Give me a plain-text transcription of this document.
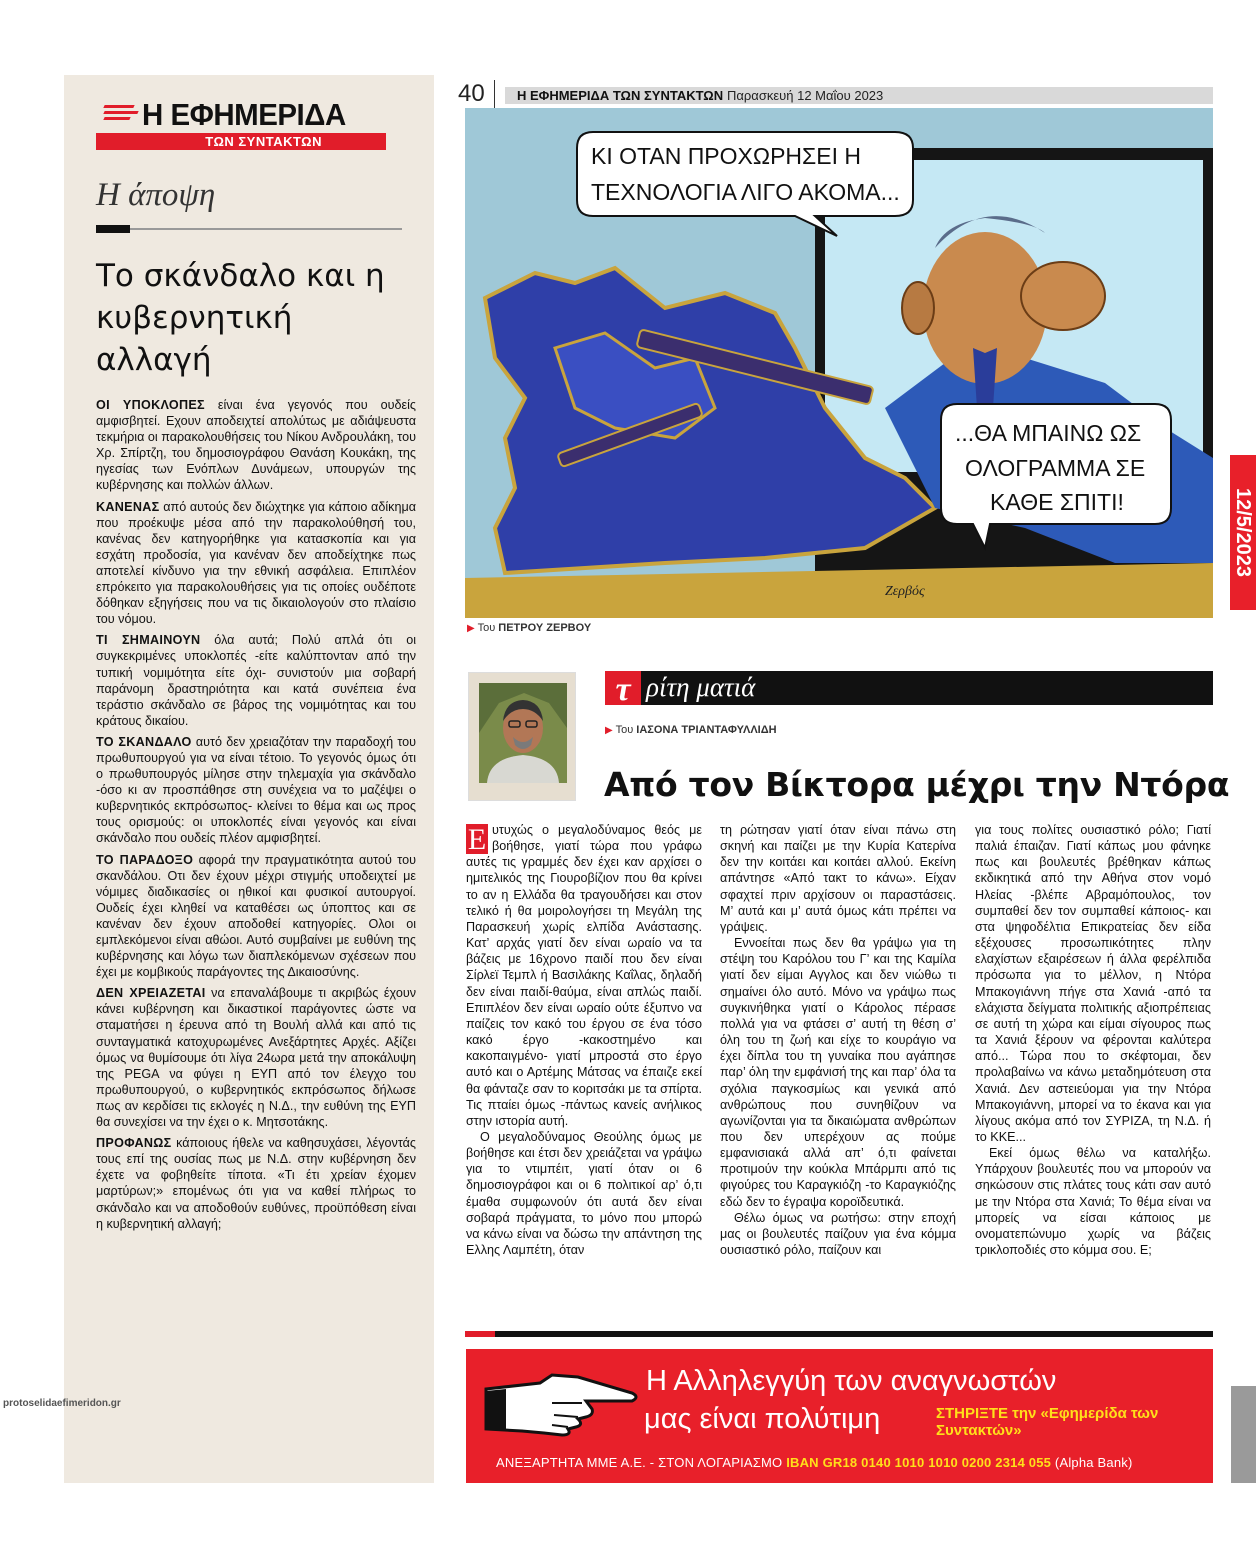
Η ΕΦΗΜΕΡΙΔΑ
ΤΩΝ ΣΥΝΤΑΚΤΩΝ
Η άποψη
Το σκάνδαλο και η κυβερνητική αλλαγή

ΟΙ ΥΠΟΚΛΟΠΕΣ είναι ένα γεγονός που ουδείς αμφισβητεί. Εχουν αποδειχτεί απολύτως με αδιάψευστα τεκμήρια οι παρακολουθήσεις του Νίκου Ανδρουλάκη, του Χρ. Σπίρτζη, του δημοσιογράφου Θανάση Κουκάκη, της ηγεσίας των Ενόπλων Δυνάμεων, υπουργών της κυβέρνησης και πολλών άλλων.

ΚΑΝΕΝΑΣ από αυτούς δεν διώχτηκε για κάποιο αδίκημα που προέκυψε μέσα από την παρακολούθησή του, κανένας δεν κατηγορήθηκε για κατασκοπία και για εσχάτη προδοσία, για κανέναν δεν αποδείχτηκε πως αποτελεί κίνδυνο για την εθνική ασφάλεια. Επιπλέον επρόκειτο για παρακολουθήσεις για τις οποίες ουδέποτε δόθηκαν εξηγήσεις που να τις δικαιολογούν στο πλαίσιο του νόμου.

ΤΙ ΣΗΜΑΙΝΟΥΝ όλα αυτά; Πολύ απλά ότι οι συγκεκριμένες υποκλοπές -είτε καλύπτονταν από την τυπική νομιμότητα είτε όχι- συνιστούν μια σοβαρή παράνομη δραστηριότητα και κατά συνέπεια ένα τεράστιο σκάνδαλο σε βάρος της νομιμότητας και του κράτους δικαίου.

ΤΟ ΣΚΑΝΔΑΛΟ αυτό δεν χρειαζόταν την παραδοχή του πρωθυπουργού για να είναι τέτοιο. Το γεγονός όμως ότι ο πρωθυπουργός μίλησε στην τηλεμαχία για σκάνδαλο -όσο κι αν προσπάθησε στη συνέχεια να το μαζέψει ο κυβερνητικός εκπρόσωπος- κλείνει το θέμα και ως προς τους ορισμούς: οι υποκλοπές είναι γεγονός και είναι σκάνδαλο που ουδείς πλέον αμφισβητεί.

ΤΟ ΠΑΡΑΔΟΞΟ αφορά την πραγματικότητα αυτού του σκανδάλου. Οτι δεν έχουν μέχρι στιγμής υποδειχτεί με νόμιμες διαδικασίες οι ηθικοί και φυσικοί αυτουργοί. Ουδείς έχει κληθεί να καταθέσει ως ύποπτος και σε κανέναν δεν έχουν αποδοθεί κατηγορίες. Ολοι οι εμπλεκόμενοι είναι αθώοι. Αυτό συμβαίνει με ευθύνη της κυβέρνησης και λόγω των διαπλεκόμενων σχέσεων που έχει με κομβικούς παράγοντες της Δικαιοσύνης.

ΔΕΝ ΧΡΕΙΑΖΕΤΑΙ να επαναλάβουμε τι ακριβώς έχουν κάνει κυβέρνηση και δικαστικοί παράγοντες ώστε να σταματήσει η έρευνα από τη Βουλή αλλά και από τις συνταγματικά κατοχυρωμένες Ανεξάρτητες Αρχές. Αξίζει όμως να θυμίσουμε ότι λίγα 24ωρα μετά την αποκάλυψη της PEGA να φύγει η ΕΥΠ από τον έλεγχο του πρωθυπουργού, ο κυβερνητικός εκπρόσωπος δήλωσε πως αν κερδίσει τις εκλογές η Ν.Δ., την ευθύνη της ΕΥΠ θα συνεχίσει να την έχει ο κ. Μητσοτάκης.

ΠΡΟΦΑΝΩΣ κάποιους ήθελε να καθησυχάσει, λέγοντάς τους επί της ουσίας πως με Ν.Δ. στην κυβέρνηση δεν έχετε να φοβηθείτε τίποτα. «Τι έτι χρείαν έχομεν μαρτύρων;» επομένως ότι για να καθεί πλήρως το σκάνδαλο και να αποδοθούν ευθύνες, προϋπόθεση είναι η κυβερνητική αλλαγή;

40 Η ΕΦΗΜΕΡΙΔΑ ΤΩΝ ΣΥΝΤΑΚΤΩΝ Παρασκευή 12 Μαΐου 2023
ΚΙ ΟΤΑΝ ΠΡΟΧΩΡΗΣΕΙ Η
ΤΕΧΝΟΛΟΓΙΑ ΛΙΓΟ ΑΚΟΜΑ...
...ΘΑ ΜΠΑΙΝΩ ΩΣ
ΟΛΟΓΡΑΜΜΑ ΣΕ
ΚΑΘΕ ΣΠΙΤΙ!
Ζερβός
▶ Του ΠΕΤΡΟΥ ΖΕΡΒΟΥ
τ ρίτη ματιά
▶ Του ΙΑΣΟΝΑ ΤΡΙΑΝΤΑΦΥΛΛΙΔΗ
Από τον Βίκτορα μέχρι την Ντόρα

Ε υτυχώς ο μεγαλοδύναμος θεός με βοήθησε, γιατί τώρα που γράφω αυτές τις γραμμές δεν έχει καν αρχίσει ο ημιτελικός της Γιουροβίζιον που θα κρίνει το αν η Ελλάδα θα τραγουδήσει και στον τελικό ή θα μοιρολογήσει τη Μεγάλη της Παρασκευή χωρίς ελπίδα Ανάστασης. Κατ’ αρχάς γιατί δεν είναι ωραίο να τα βάζεις με 16χρονο παιδί που δεν είναι Σίρλεϊ Τεμπλ ή Βασιλάκης Καΐλας, δηλαδή δεν είναι παιδί-θαύμα, είναι απλώς παιδί. Επιπλέον δεν είναι ωραίο ούτε έξυπνο να παίζεις τον κακό του έργου σε ένα τόσο κακό έργο -κακοστημένο και κακοπαιγμένο- γιατί μπροστά στο έργο αυτό και ο Αρτέμης Μάτσας να έπαιζε εκεί θα φάνταζε σαν το κοριτσάκι με τα σπίρτα. Τις πταίει όμως -πάντως κανείς ανήλικος στην ιστορία αυτή.

Ο μεγαλοδύναμος Θεούλης όμως με βοήθησε και έτσι δεν χρειάζεται να γράψω για το ντιμπέιτ, γιατί όταν οι 6 δημοσιογράφοι και οι 6 πολιτικοί αρ’ ό,τι έμαθα συμφωνούν ότι αυτά δεν είναι σοβαρά πράγματα, το μόνο που μπορώ να κάνω είναι να δώσω την απάντηση της Ελλης Λαμπέτη, όταν

τη ρώτησαν γιατί όταν είναι πάνω στη σκηνή και παίζει με την Κυρία Κατερίνα δεν την κοιτάει και κοιτάει αλλού. Εκείνη απάντησε «Από τακτ το κάνω». Είχαν σφαχτεί πριν αρχίσουν οι παραστάσεις. Μ’ αυτά και μ’ αυτά όμως κάτι πρέπει να γράψεις.

Εννοείται πως δεν θα γράψω για τη στέψη του Καρόλου του Γ’ και της Καμίλα γιατί δεν είμαι Αγγλος και δεν νιώθω τι σημαίνει όλο αυτό. Μόνο να γράψω πως συγκινήθηκα γιατί ο Κάρολος πέρασε πολλά για να φτάσει σ’ αυτή τη θέση σ’ όλη του τη ζωή και είχε το κουράγιο να έχει δίπλα του τη γυναίκα που αγάπησε παρ’ όλη την εμφάνισή της και παρ’ όλα τα σχόλια παγκοσμίως και γενικά από ανθρώπους που συνηθίζουν να αγωνίζονται για τα δικαιώματα ανθρώπων που δεν υπερέχουν ας πούμε εμφανισιακά αλλά απ’ ό,τι φαίνεται προτιμούν την κούκλα Μπάρμπι από τις φιγούρες του Καραγκιόζη -το Καραγκιόζης εδώ δεν το έγραψα κοροϊδευτικά.

Θέλω όμως να ρωτήσω: στην εποχή μας οι βουλευτές παίζουν για ένα κόμμα ουσιαστικό ρόλο, παίζουν και

για τους πολίτες ουσιαστικό ρόλο; Γιατί παλιά έπαιζαν. Γιατί κάπως μου φάνηκε πως και βουλευτές βρέθηκαν κάπως εκδικητικά από την Αθήνα στον νομό Ηλείας -βλέπε Αβραμόπουλος, τον συμπαθεί δεν τον συμπαθεί κάποιος- και στα ψηφοδέλτια Επικρατείας δεν είδα εξέχουσες προσωπικότητες πλην ελαχίστων εξαιρέσεων ή άλλα φερέλπιδα πρόσωπα για το μέλλον, η Ντόρα Μπακογιάννη πήγε στα Χανιά -από τα ελάχιστα δείγματα πολιτικής αξιοπρέπειας σε αυτή τη χώρα και είμαι σίγουρος πως τα Χανιά ξέρουν να φέρονται καλύτερα από... Τώρα που το σκέφτομαι, δεν προλαβαίνω να κάνω μεταδημότευση στα Χανιά. Δεν αστειεύομαι για την Ντόρα Μπακογιάννη, μπορεί να το έκανα και για λίγους ακόμα από τον ΣΥΡΙΖΑ, τη Ν.Δ. ή το ΚΚΕ...

Εκεί όμως θέλω να καταλήξω. Υπάρχουν βουλευτές που να μπορούν να σηκώσουν στις πλάτες τους κάτι σαν αυτό με την Ντόρα στα Χανιά; Το θέμα είναι να μπορείς να είσαι κάποιος με ονοματεπώνυμο χωρίς να βάζεις τρικλοποδιές στο κόμμα σου. Ε;

Η Αλληλεγγύη των αναγνωστών
μας είναι πολύτιμη	ΣΤΗΡΙΞΤΕ την «Εφημερίδα των Συντακτών»
ΑΝΕΞΑΡΤΗΤΑ ΜΜΕ Α.Ε. - ΣΤΟΝ ΛΟΓΑΡΙΑΣΜΟ IBAN GR18 0140 1010 1010 0200 2314 055 (Alpha Bank)
12/5/2023
protoselidaefimeridon.gr
